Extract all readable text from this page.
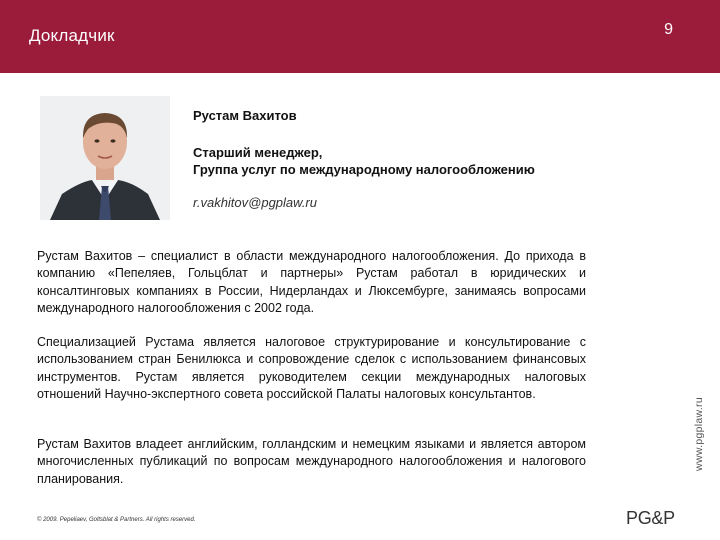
Докладчик	9
Рустам Вахитов
Старший менеджер,
Группа услуг по международному налогообложению
r.vakhitov@pgplaw.ru
Рустам Вахитов – специалист в области международного налогообложения. До прихода в компанию «Пепеляев, Гольцблат и партнеры» Рустам работал в юридических и консалтинговых компаниях в России, Нидерландах и Люксембурге, занимаясь вопросами международного налогообложения с 2002 года.
Специализацией Рустама является налоговое структурирование и консультирование с использованием стран Бенилюкса и сопровождение сделок с использованием финансовых инструментов. Рустам является руководителем секции международных налоговых отношений Научно-экспертного совета российской Палаты налоговых консультантов.
Рустам Вахитов владеет английским, голландским и немецким языками и является автором многочисленных публикаций по вопросам международного налогообложения и налогового планирования.
www.pgplaw.ru
© 2009. Pepeliaev, Goltsblat & Partners. All rights reserved.	PG&P
